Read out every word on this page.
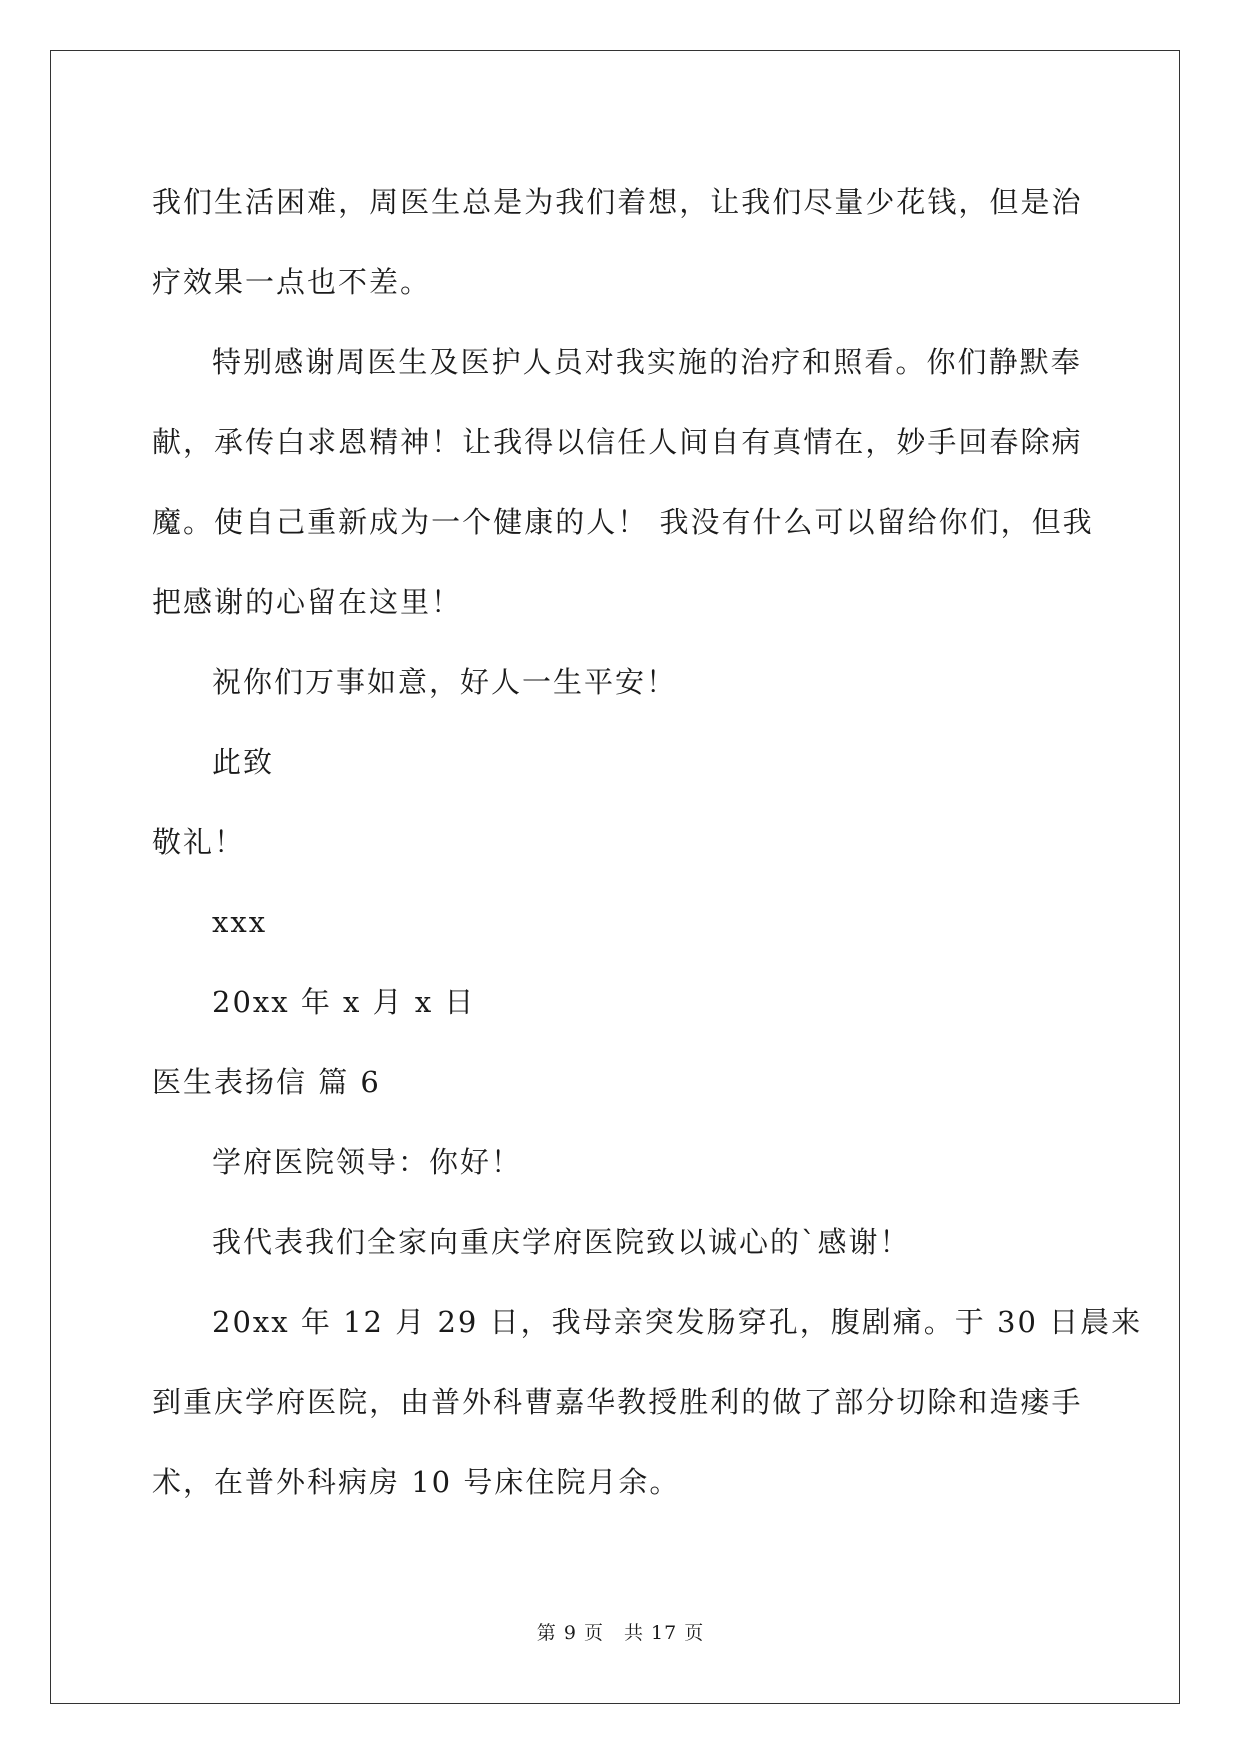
我 们 生 活 困 难 ， 周 医 生 总 是 为 我 们 着 想 ， 让 我 们 尽 量 少 花 钱 ， 但 是 治
疗效果一点也不差。
特 别 感 谢 周 医 生 及 医 护 人 员 对 我 实 施 的 治 疗 和 照 看 。 你 们 静 默 奉
献 ， 承 传 白 求 恩 精 神 ！ 让 我 得 以 信 任 人 间 自 有 真 情 在 ， 妙 手 回 春 除 病
魔 。 使 自 己 重 新 成 为 一 个 健 康 的 人 ！
我 没 有 什 么 可 以 留 给 你 们 ， 但 我
把感谢的心留在这里！
祝你们万事如意，好人一生平安！
此致
敬礼！
xxx
20xx 年 x 月 x 日
医生表扬信 篇 6
学府医院领导：你好！
我代表我们全家向重庆学府医院致以诚心的`感谢！
2 0 x x
年
1 2
月
2 9
日 ， 我 母 亲 突 发 肠 穿 孔 ， 腹 剧 痛 。 于
3 0
日 晨 来
到 重 庆 学 府 医 院 ， 由 普 外 科 曹 嘉 华 教 授 胜 利 的 做 了 部 分 切 除 和 造 瘘 手
术，在普外科病房 10 号床住院月余。
第 9 页　共 17 页
